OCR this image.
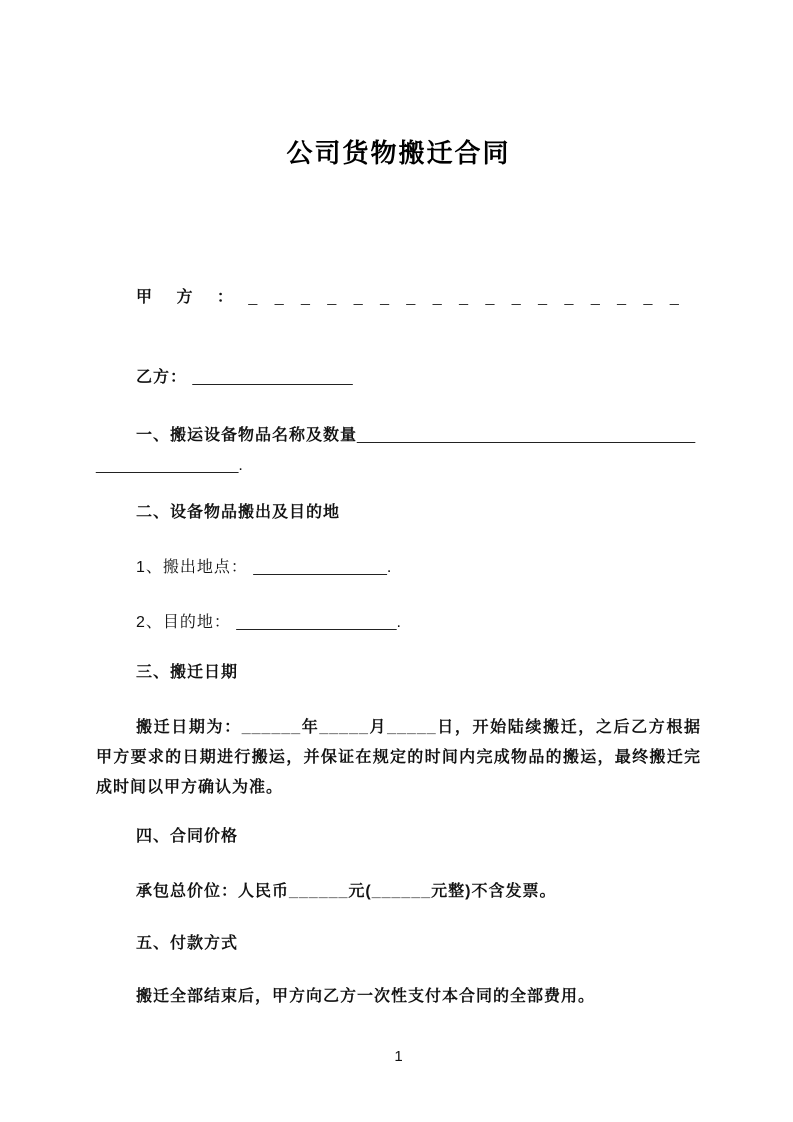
公司货物搬迁合同

甲 方 ： _ _ _ _ _ _ _ _ _ _ _ _ _ _ _ _ _

乙方： __________________

一、搬运设备物品名称及数量______________________________________________________.

二、设备物品搬出及目的地

1、搬出地点： _______________.

2、目的地： __________________.

三、搬迁日期

搬迁日期为：______年_____月_____日，开始陆续搬迁，之后乙方根据甲方要求的日期进行搬运，并保证在规定的时间内完成物品的搬运，最终搬迁完成时间以甲方确认为准。

四、合同价格

承包总价位：人民币______元(______元整)不含发票。

五、付款方式

搬迁全部结束后，甲方向乙方一次性支付本合同的全部费用。

1
